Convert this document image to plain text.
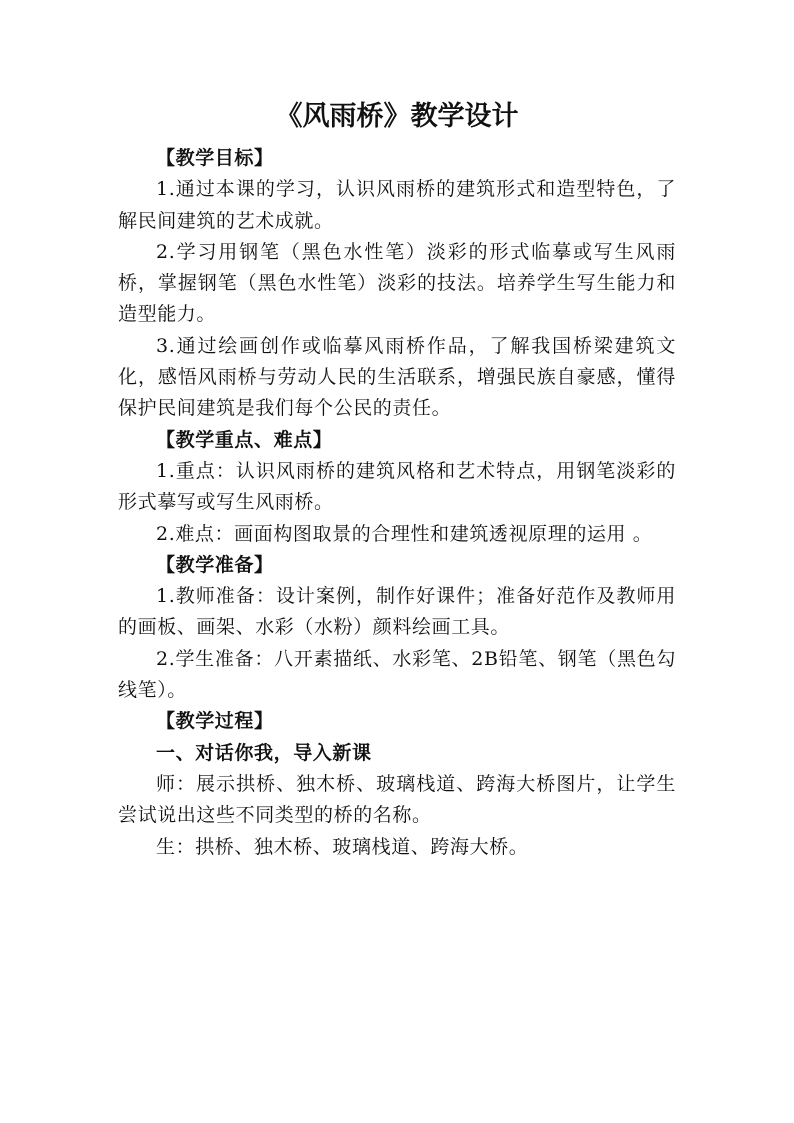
《风雨桥》教学设计

【教学目标】

1.通过本课的学习，认识风雨桥的建筑形式和造型特色，了解民间建筑的艺术成就。

2.学习用钢笔（黑色水性笔）淡彩的形式临摹或写生风雨桥，掌握钢笔（黑色水性笔）淡彩的技法。培养学生写生能力和造型能力。

3.通过绘画创作或临摹风雨桥作品，了解我国桥梁建筑文化，感悟风雨桥与劳动人民的生活联系，增强民族自豪感，懂得保护民间建筑是我们每个公民的责任。

【教学重点、难点】

1.重点：认识风雨桥的建筑风格和艺术特点，用钢笔淡彩的形式摹写或写生风雨桥。

2.难点：画面构图取景的合理性和建筑透视原理的运用 。

【教学准备】

1.教师准备：设计案例，制作好课件；准备好范作及教师用的画板、画架、水彩（水粉）颜料绘画工具。

2.学生准备：八开素描纸、水彩笔、2B铅笔、钢笔（黑色勾线笔）。

【教学过程】

一、对话你我，导入新课

师：展示拱桥、独木桥、玻璃栈道、跨海大桥图片，让学生尝试说出这些不同类型的桥的名称。

生：拱桥、独木桥、玻璃栈道、跨海大桥。
